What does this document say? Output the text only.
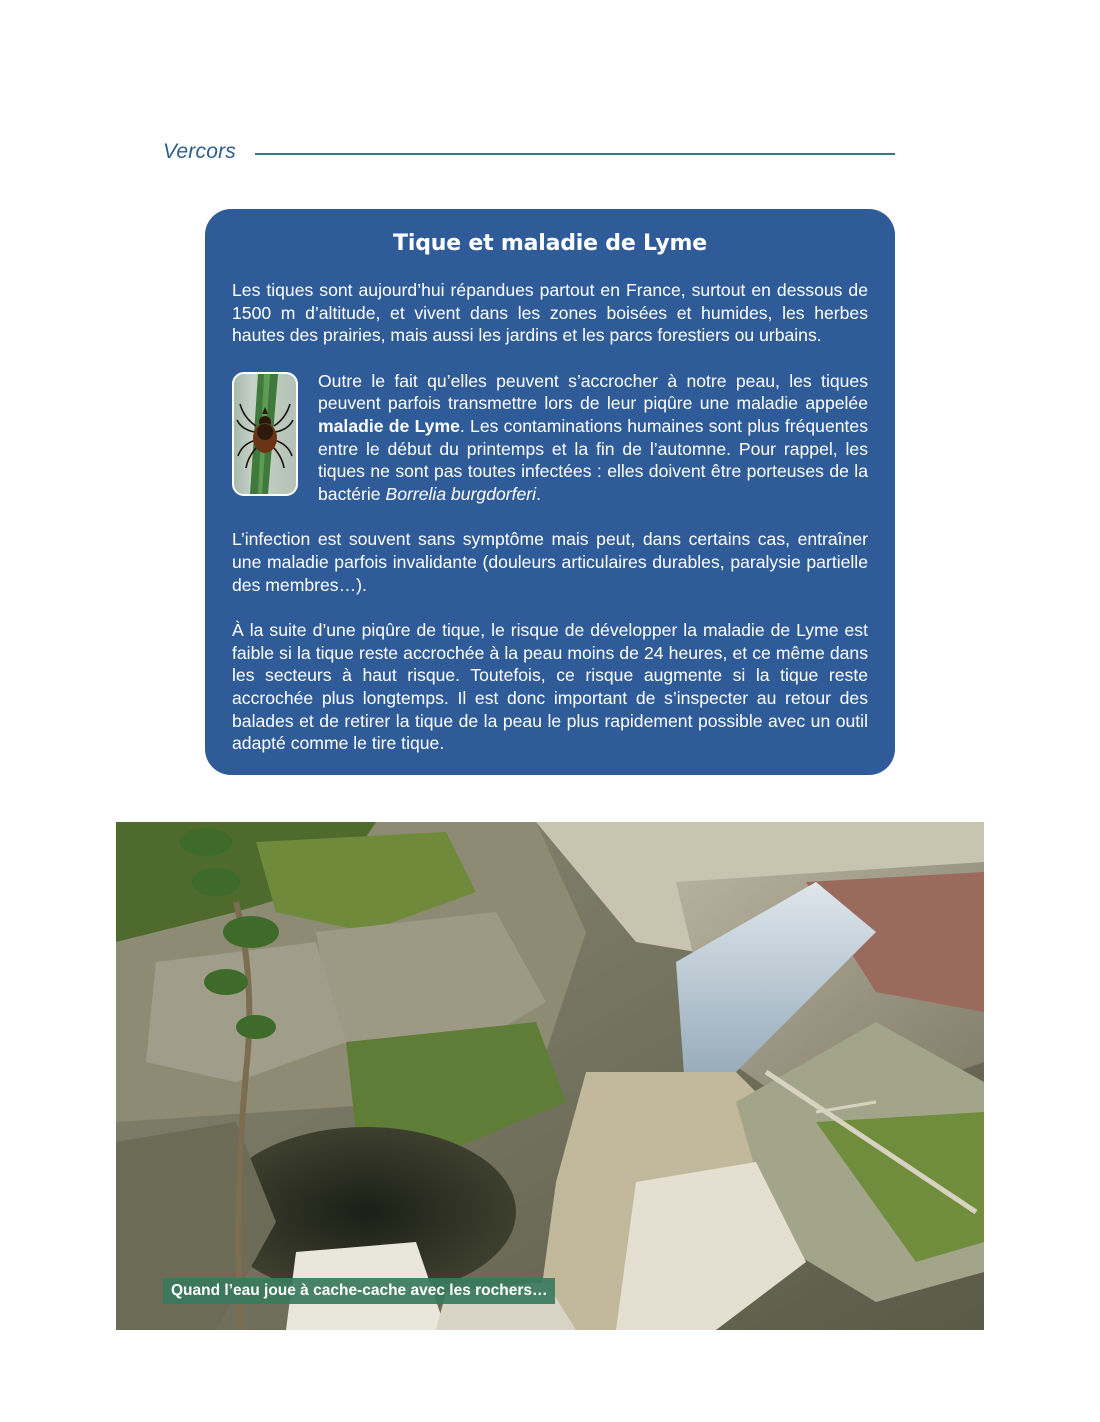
Vercors
Tique et maladie de Lyme

Les tiques sont aujourd’hui répandues partout en France, surtout en dessous de 1500 m d’altitude, et vivent dans les zones boisées et humides, les herbes hautes des prairies, mais aussi les jardins et les parcs forestiers ou urbains.

Outre le fait qu’elles peuvent s’accrocher à notre peau, les tiques peuvent parfois transmettre lors de leur piqûre une maladie appelée maladie de Lyme. Les contaminations humaines sont plus fréquentes entre le début du printemps et la fin de l’automne. Pour rappel, les tiques ne sont pas toutes infectées : elles doivent être porteuses de la bactérie Borrelia burgdorferi.

L’infection est souvent sans symptôme mais peut, dans certains cas, entraîner une maladie parfois invalidante (douleurs articulaires durables, paralysie partielle des membres…).

À la suite d’une piqûre de tique, le risque de développer la maladie de Lyme est faible si la tique reste accrochée à la peau moins de 24 heures, et ce même dans les secteurs à haut risque. Toutefois, ce risque augmente si la tique reste accrochée plus longtemps. Il est donc important de s’inspecter au retour des balades et de retirer la tique de la peau le plus rapidement possible avec un outil adapté comme le tire tique.

Quand l’eau joue à cache-cache avec les rochers…
